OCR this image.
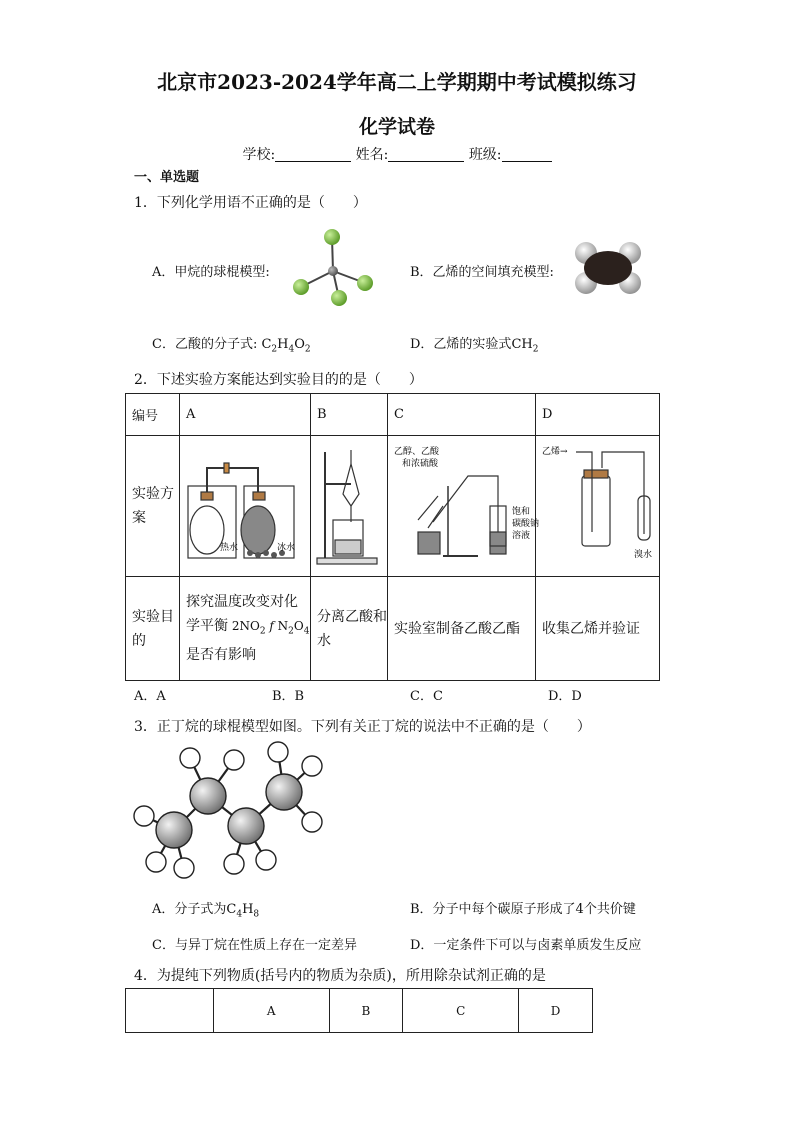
北京市2023-2024学年高二上学期期中考试模拟练习
化学试卷
学校:	姓名:	班级:
一、单选题
1．下列化学用语不正确的是（　　）
A．甲烷的球棍模型:	B．乙烯的空间填充模型:
C．乙酸的分子式: $C_2H_4O_2$	D．乙烯的实验式$CH_2$
2．下述实验方案能达到实验目的的是（　　）
编号	A	B	C	D
实验方案	热水 冰水		乙醇、乙酸
和浓硫酸
饱和
碳酸钠
溶液	乙烯→
溴水

实验目的	探究温度改变对化学平衡 $2NO_2$ f $N_2O_4$
是否有影响	分离乙酸和水	实验室制备乙酸乙酯	收集乙烯并验证
A．A	B．B	C．C	D．D
3．正丁烷的球棍模型如图。下列有关正丁烷的说法中不正确的是（　　）
A．分子式为$C_4H_8$	B．分子中每个碳原子形成了4个共价键
C．与异丁烷在性质上存在一定差异	D．一定条件下可以与卤素单质发生反应
4．为提纯下列物质(括号内的物质为杂质)，所用除杂试剂正确的是
	A	B	C	D
